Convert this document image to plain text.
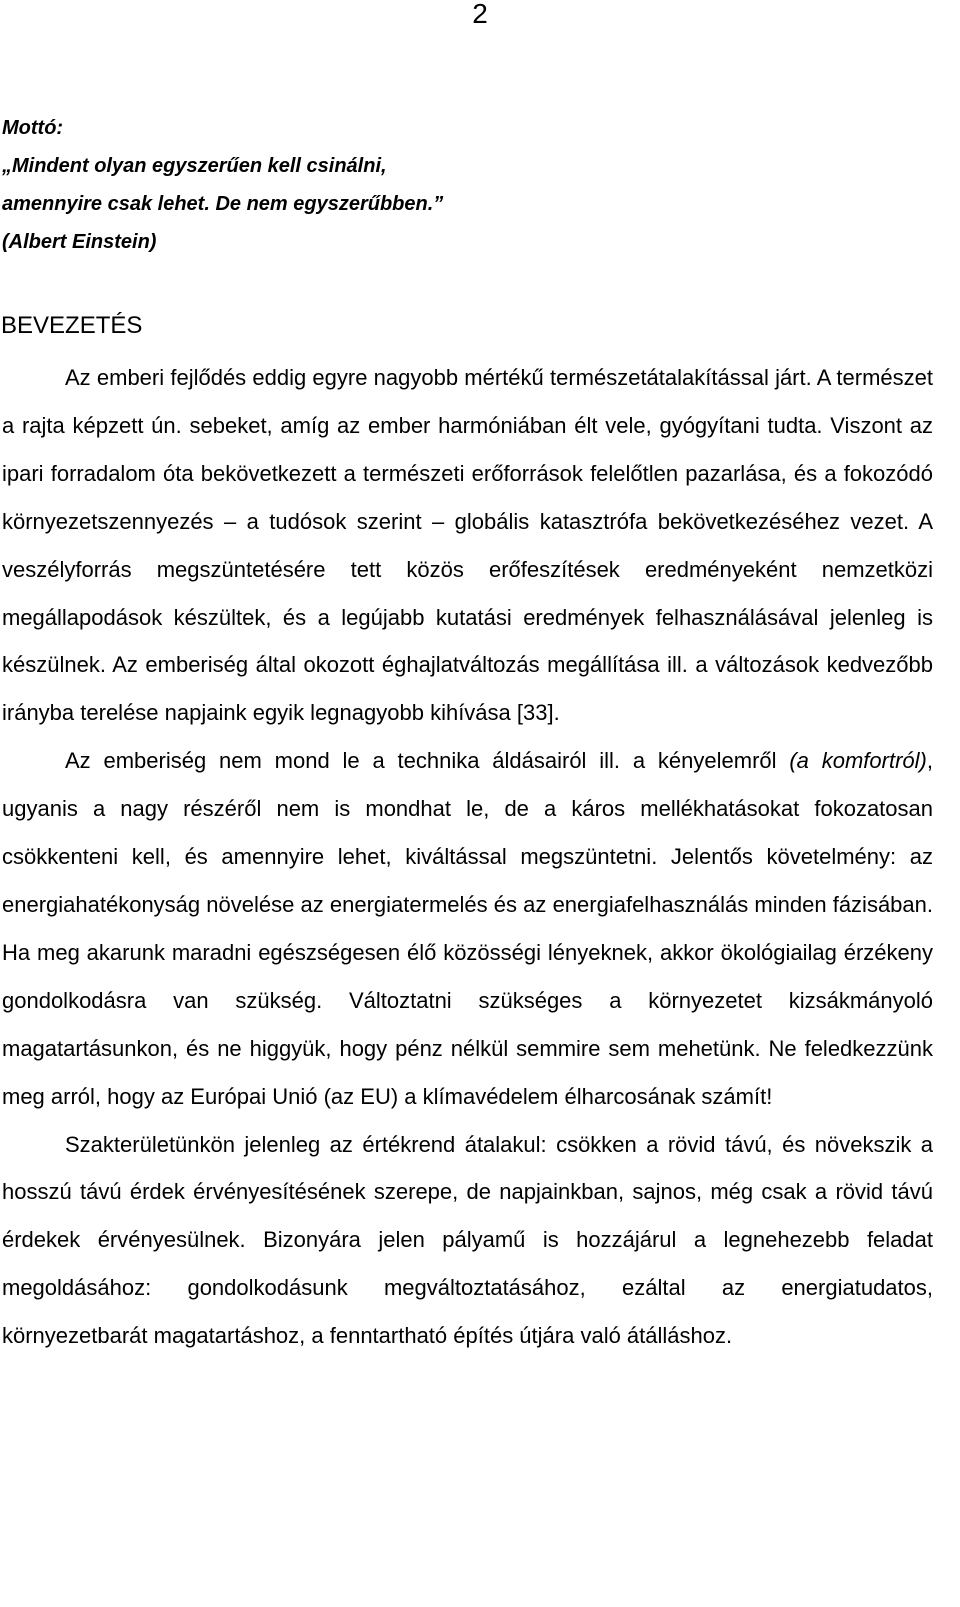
2
Mottó:
„Mindent olyan egyszerűen kell csinálni,
amennyire csak lehet. De nem egyszerűbben.”
(Albert Einstein)
BEVEZETÉS

Az emberi fejlődés eddig egyre nagyobb mértékű természetátalakítással járt. A természet a rajta képzett ún. sebeket, amíg az ember harmóniában élt vele, gyógyítani tudta. Viszont az ipari forradalom óta bekövetkezett a természeti erőforrások felelőtlen pazarlása, és a fokozódó környezetszennyezés – a tudósok szerint – globális katasztrófa bekövetkezéséhez vezet. A veszélyforrás megszüntetésére tett közös erőfeszítések eredményeként nemzetközi megállapodások készültek, és a legújabb kutatási eredmények felhasználásával jelenleg is készülnek. Az emberiség által okozott éghajlatváltozás megállítása ill. a változások kedvezőbb irányba terelése napjaink egyik legnagyobb kihívása [33].

Az emberiség nem mond le a technika áldásairól ill. a kényelemről (a komfortról), ugyanis a nagy részéről nem is mondhat le, de a káros mellékhatásokat fokozatosan csökkenteni kell, és amennyire lehet, kiváltással megszüntetni. Jelentős követelmény: az energiahatékonyság növelése az energiatermelés és az energiafelhasználás minden fázisában. Ha meg akarunk maradni egészségesen élő közösségi lényeknek, akkor ökológiailag érzékeny gondolkodásra van szükség. Változtatni szükséges a környezetet kizsákmányoló magatartásunkon, és ne higgyük, hogy pénz nélkül semmire sem mehetünk. Ne feledkezzünk meg arról, hogy az Európai Unió (az EU) a klímavédelem élharcosának számít!

Szakterületünkön jelenleg az értékrend átalakul: csökken a rövid távú, és növekszik a hosszú távú érdek érvényesítésének szerepe, de napjainkban, sajnos, még csak a rövid távú érdekek érvényesülnek. Bizonyára jelen pályamű is hozzájárul a legnehezebb feladat megoldásához: gondolkodásunk megváltoztatásához, ezáltal az energiatudatos, környezetbarát magatartáshoz, a fenntartható építés útjára való átálláshoz.
